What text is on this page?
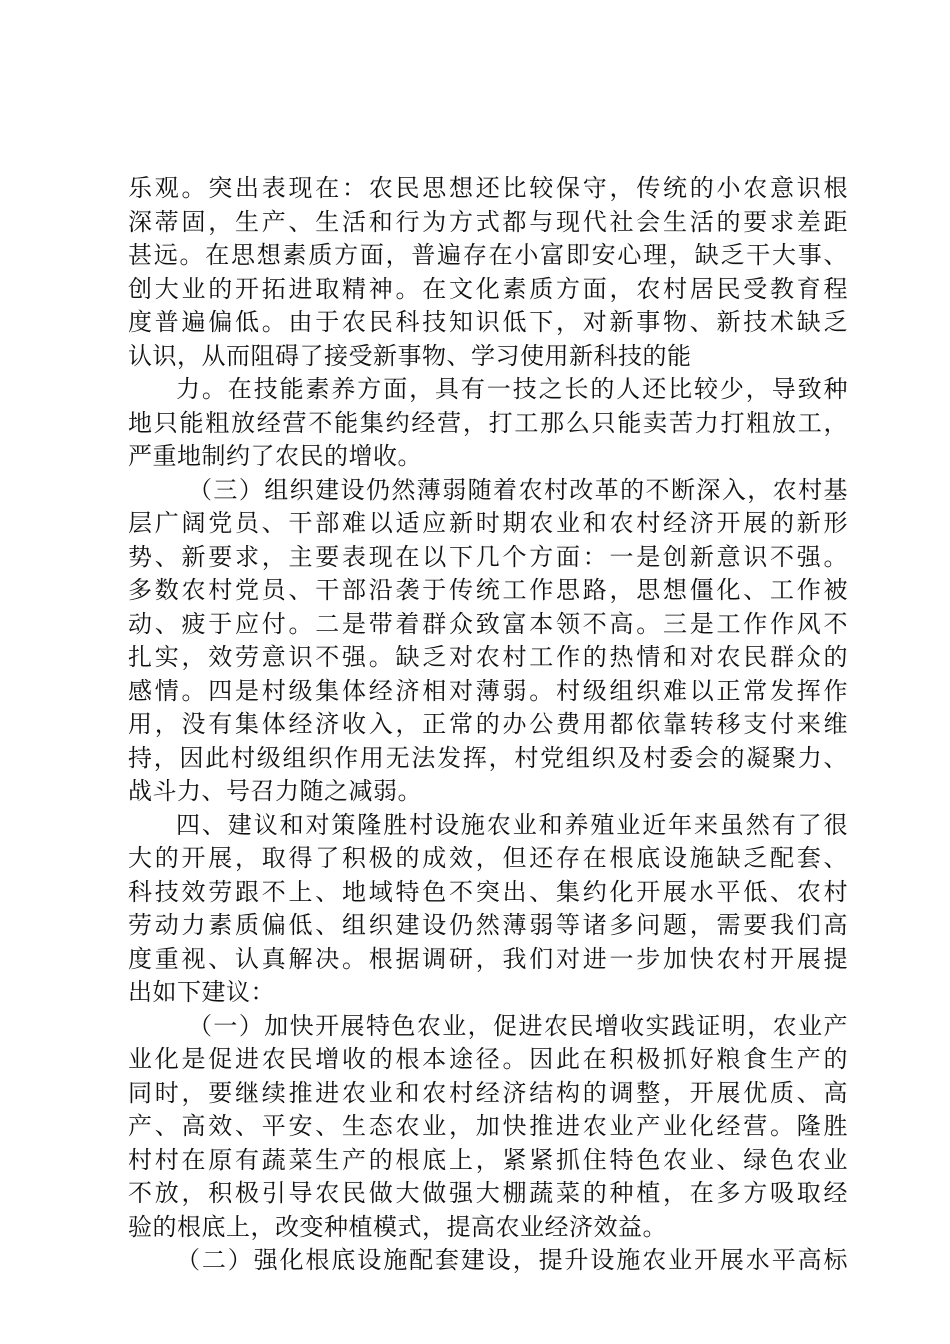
乐观。突出表现在：农民思想还比较保守，传统的小农意识根
深蒂固，生产、生活和行为方式都与现代社会生活的要求差距
甚远。在思想素质方面，普遍存在小富即安心理，缺乏干大事、
创大业的开拓进取精神。在文化素质方面，农村居民受教育程
度普遍偏低。由于农民科技知识低下，对新事物、新技术缺乏
认识，从而阻碍了接受新事物、学习使用新科技的能
力。在技能素养方面，具有一技之长的人还比较少，导致种
地只能粗放经营不能集约经营，打工那么只能卖苦力打粗放工，
严重地制约了农民的增收。
（三）组织建设仍然薄弱随着农村改革的不断深入，农村基
层广阔党员、干部难以适应新时期农业和农村经济开展的新形
势、新要求，主要表现在以下几个方面：一是创新意识不强。
多数农村党员、干部沿袭于传统工作思路，思想僵化、工作被
动、疲于应付。二是带着群众致富本领不高。三是工作作风不
扎实，效劳意识不强。缺乏对农村工作的热情和对农民群众的
感情。四是村级集体经济相对薄弱。村级组织难以正常发挥作
用，没有集体经济收入，正常的办公费用都依靠转移支付来维
持，因此村级组织作用无法发挥，村党组织及村委会的凝聚力、
战斗力、号召力随之减弱。
四、建议和对策隆胜村设施农业和养殖业近年来虽然有了很
大的开展，取得了积极的成效，但还存在根底设施缺乏配套、
科技效劳跟不上、地域特色不突出、集约化开展水平低、农村
劳动力素质偏低、组织建设仍然薄弱等诸多问题，需要我们高
度重视、认真解决。根据调研，我们对进一步加快农村开展提
出如下建议：
（一）加快开展特色农业，促进农民增收实践证明，农业产
业化是促进农民增收的根本途径。因此在积极抓好粮食生产的
同时，要继续推进农业和农村经济结构的调整，开展优质、高
产、高效、平安、生态农业，加快推进农业产业化经营。隆胜
村村在原有蔬菜生产的根底上，紧紧抓住特色农业、绿色农业
不放，积极引导农民做大做强大棚蔬菜的种植，在多方吸取经
验的根底上，改变种植模式，提高农业经济效益。
（二）强化根底设施配套建设，提升设施农业开展水平高标
